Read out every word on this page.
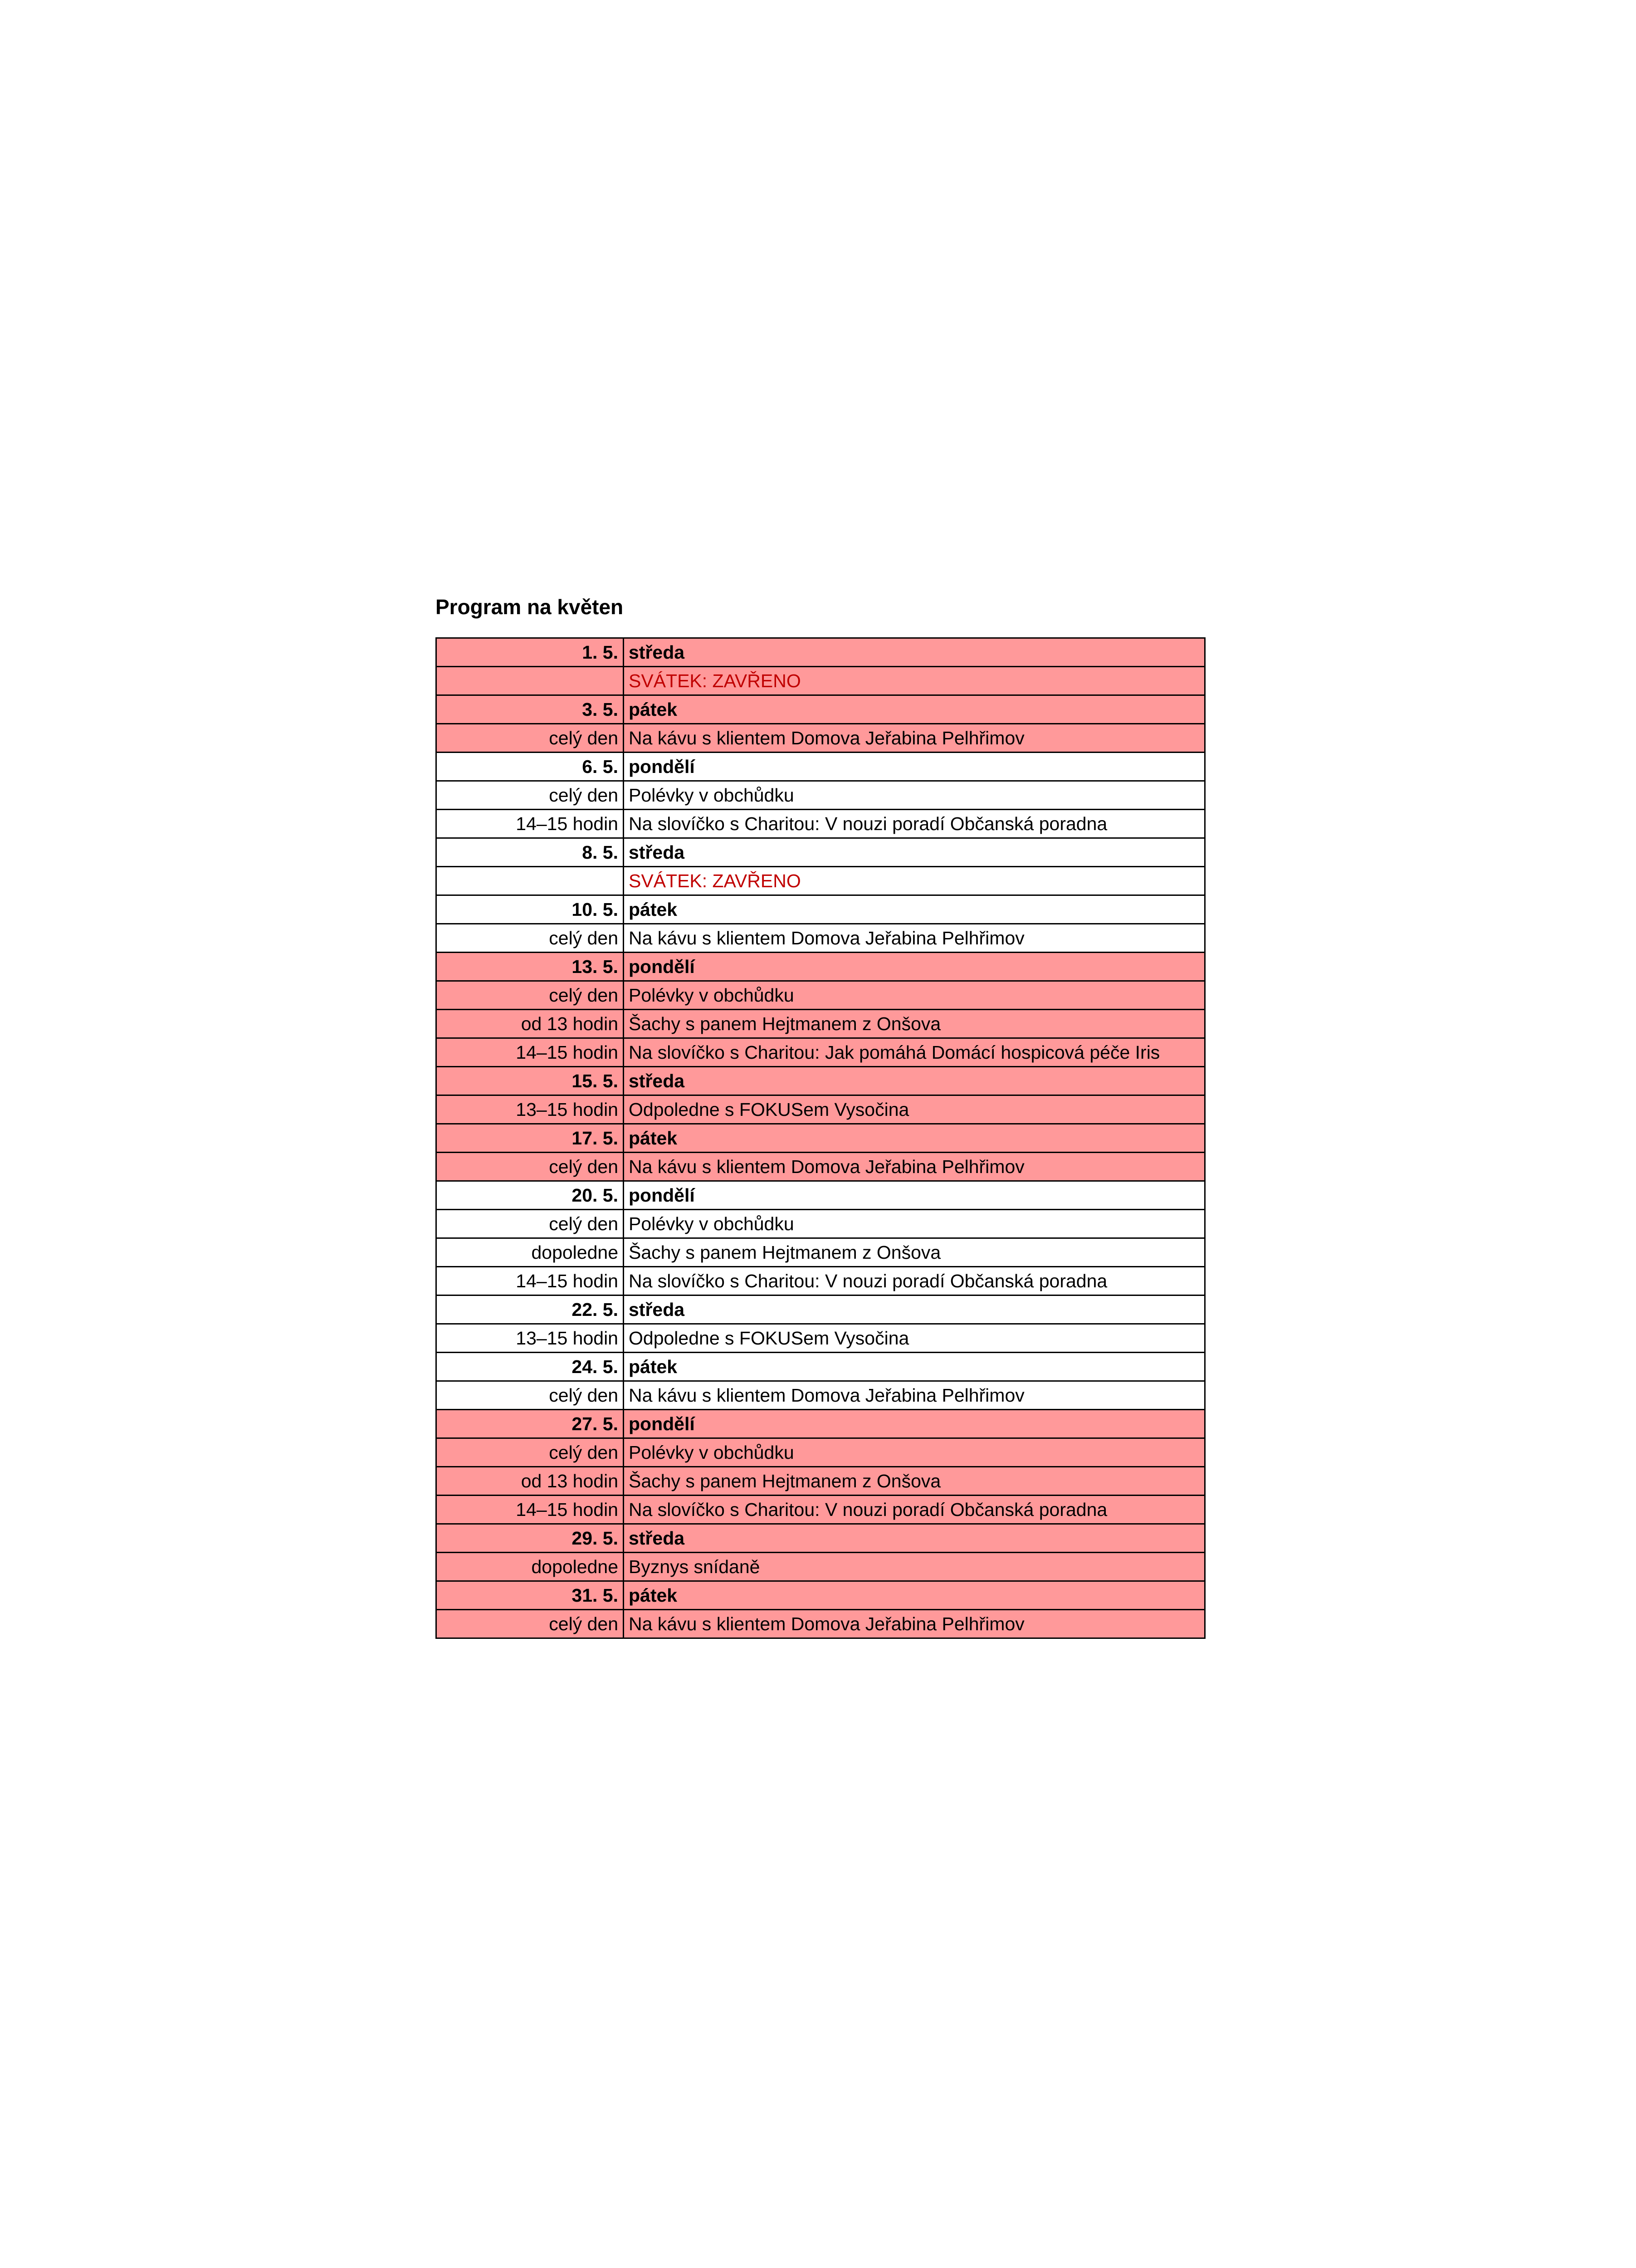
Program na květen
1. 5.	středa
	SVÁTEK: ZAVŘENO
3. 5.	pátek
celý den	Na kávu s klientem Domova Jeřabina Pelhřimov
6. 5.	pondělí
celý den	Polévky v obchůdku
14–15 hodin	Na slovíčko s Charitou: V nouzi poradí Občanská poradna
8. 5.	středa
	SVÁTEK: ZAVŘENO
10. 5.	pátek
celý den	Na kávu s klientem Domova Jeřabina Pelhřimov
13. 5.	pondělí
celý den	Polévky v obchůdku
od 13 hodin	Šachy s panem Hejtmanem z Onšova
14–15 hodin	Na slovíčko s Charitou: Jak pomáhá Domácí hospicová péče Iris
15. 5.	středa
13–15 hodin	Odpoledne s FOKUSem Vysočina
17. 5.	pátek
celý den	Na kávu s klientem Domova Jeřabina Pelhřimov
20. 5.	pondělí
celý den	Polévky v obchůdku
dopoledne	Šachy s panem Hejtmanem z Onšova
14–15 hodin	Na slovíčko s Charitou: V nouzi poradí Občanská poradna
22. 5.	středa
13–15 hodin	Odpoledne s FOKUSem Vysočina
24. 5.	pátek
celý den	Na kávu s klientem Domova Jeřabina Pelhřimov
27. 5.	pondělí
celý den	Polévky v obchůdku
od 13 hodin	Šachy s panem Hejtmanem z Onšova
14–15 hodin	Na slovíčko s Charitou: V nouzi poradí Občanská poradna
29. 5.	středa
dopoledne	Byznys snídaně
31. 5.	pátek
celý den	Na kávu s klientem Domova Jeřabina Pelhřimov
